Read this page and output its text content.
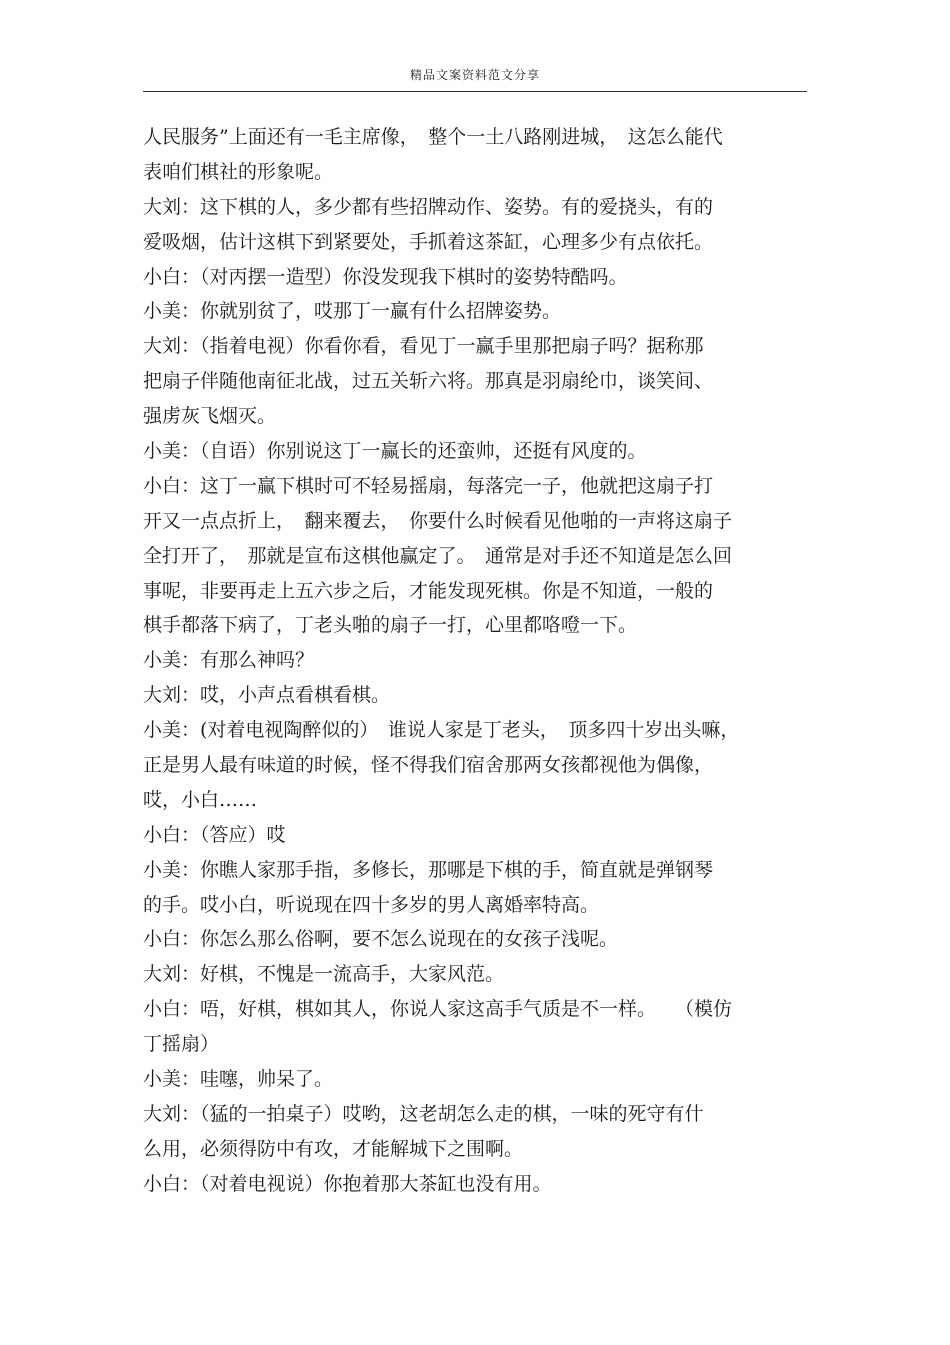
精品文案资料范文分享
人民服务”上面还有一毛主席像，　整个一土八路刚进城，　这怎么能代
表咱们棋社的形象呢。
大刘：这下棋的人，多少都有些招牌动作、姿势。有的爱挠头，有的
爱吸烟，估计这棋下到紧要处，手抓着这茶缸，心理多少有点依托。
小白：（对丙摆一造型）你没发现我下棋时的姿势特酷吗。
小美：你就别贫了，哎那丁一赢有什么招牌姿势。
大刘：（指着电视）你看你看，看见丁一赢手里那把扇子吗？据称那
把扇子伴随他南征北战，过五关斩六将。那真是羽扇纶巾，谈笑间、
强虏灰飞烟灭。
小美：（自语）你别说这丁一赢长的还蛮帅，还挺有风度的。
小白：这丁一赢下棋时可不轻易摇扇，每落完一子，他就把这扇子打
开又一点点折上，　翻来覆去，　你要什么时候看见他啪的一声将这扇子
全打开了，　那就是宣布这棋他赢定了。　通常是对手还不知道是怎么回
事呢，非要再走上五六步之后，才能发现死棋。你是不知道，一般的
棋手都落下病了，丁老头啪的扇子一打，心里都咯噔一下。
小美：有那么神吗？
大刘：哎，小声点看棋看棋。
小美：(对着电视陶醉似的）　谁说人家是丁老头，　顶多四十岁出头嘛，
正是男人最有味道的时候，怪不得我们宿舍那两女孩都视他为偶像，
哎，小白……
小白：（答应）哎
小美：你瞧人家那手指，多修长，那哪是下棋的手，简直就是弹钢琴
的手。哎小白，听说现在四十多岁的男人离婚率特高。
小白：你怎么那么俗啊，要不怎么说现在的女孩子浅呢。
大刘：好棋，不愧是一流高手，大家风范。
小白：唔，好棋，棋如其人，你说人家这高手气质是不一样。　　（模仿
丁摇扇）
小美：哇噻，帅呆了。
大刘：（猛的一拍桌子）哎哟，这老胡怎么走的棋，一味的死守有什
么用，必须得防中有攻，才能解城下之围啊。
小白：（对着电视说）你抱着那大茶缸也没有用。
